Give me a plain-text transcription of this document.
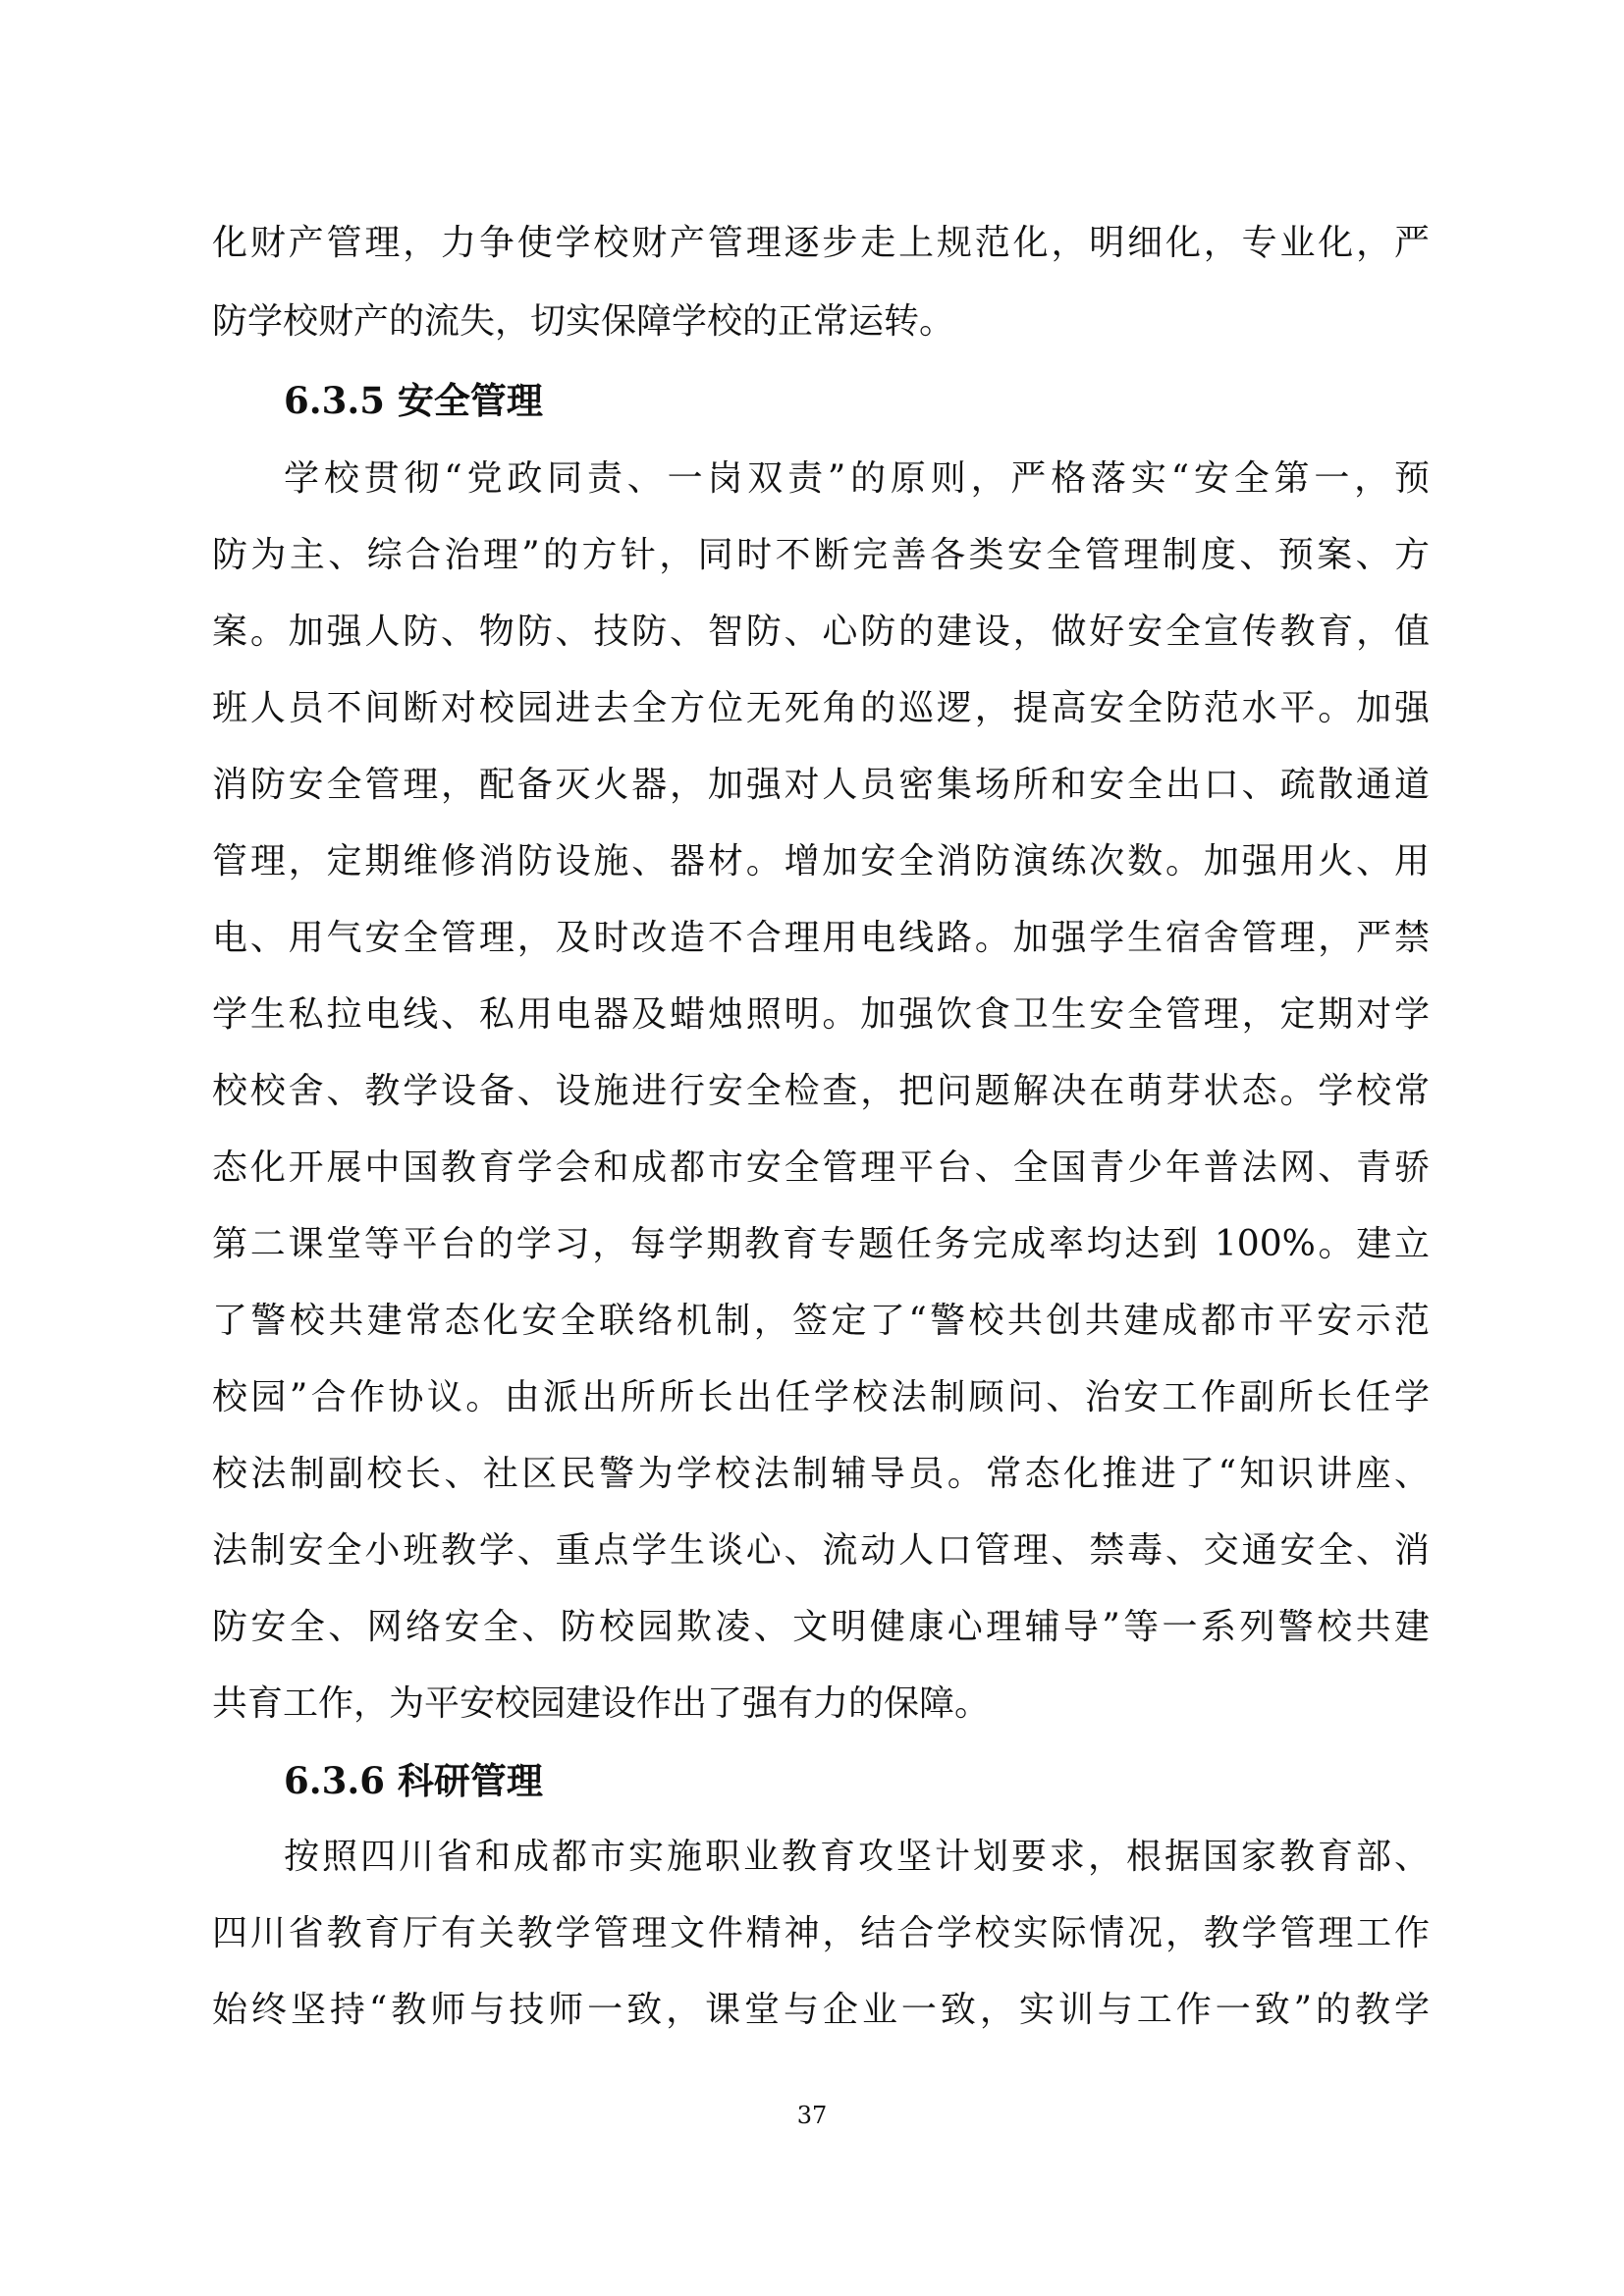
化财产管理，力争使学校财产管理逐步走上规范化，明细化，专业化，严
防学校财产的流失，切实保障学校的正常运转。
6.3.5 安全管理
学校贯彻“党政同责、一岗双责”的原则，严格落实“安全第一，预
防为主、综合治理”的方针，同时不断完善各类安全管理制度、预案、方
案。加强人防、物防、技防、智防、心防的建设，做好安全宣传教育，值
班人员不间断对校园进去全方位无死角的巡逻，提高安全防范水平。加强
消防安全管理，配备灭火器，加强对人员密集场所和安全出口、疏散通道
管理，定期维修消防设施、器材。增加安全消防演练次数。加强用火、用
电、用气安全管理，及时改造不合理用电线路。加强学生宿舍管理，严禁
学生私拉电线、私用电器及蜡烛照明。加强饮食卫生安全管理，定期对学
校校舍、教学设备、设施进行安全检查，把问题解决在萌芽状态。学校常
态化开展中国教育学会和成都市安全管理平台、全国青少年普法网、青骄
第二课堂等平台的学习，每学期教育专题任务完成率均达到 100%。建立
了警校共建常态化安全联络机制，签定了“警校共创共建成都市平安示范
校园”合作协议。由派出所所长出任学校法制顾问、治安工作副所长任学
校法制副校长、社区民警为学校法制辅导员。常态化推进了“知识讲座、
法制安全小班教学、重点学生谈心、流动人口管理、禁毒、交通安全、消
防安全、网络安全、防校园欺凌、文明健康心理辅导”等一系列警校共建
共育工作，为平安校园建设作出了强有力的保障。
6.3.6 科研管理
按照四川省和成都市实施职业教育攻坚计划要求，根据国家教育部、
四川省教育厅有关教学管理文件精神，结合学校实际情况，教学管理工作
始终坚持“教师与技师一致，课堂与企业一致，实训与工作一致”的教学
37
